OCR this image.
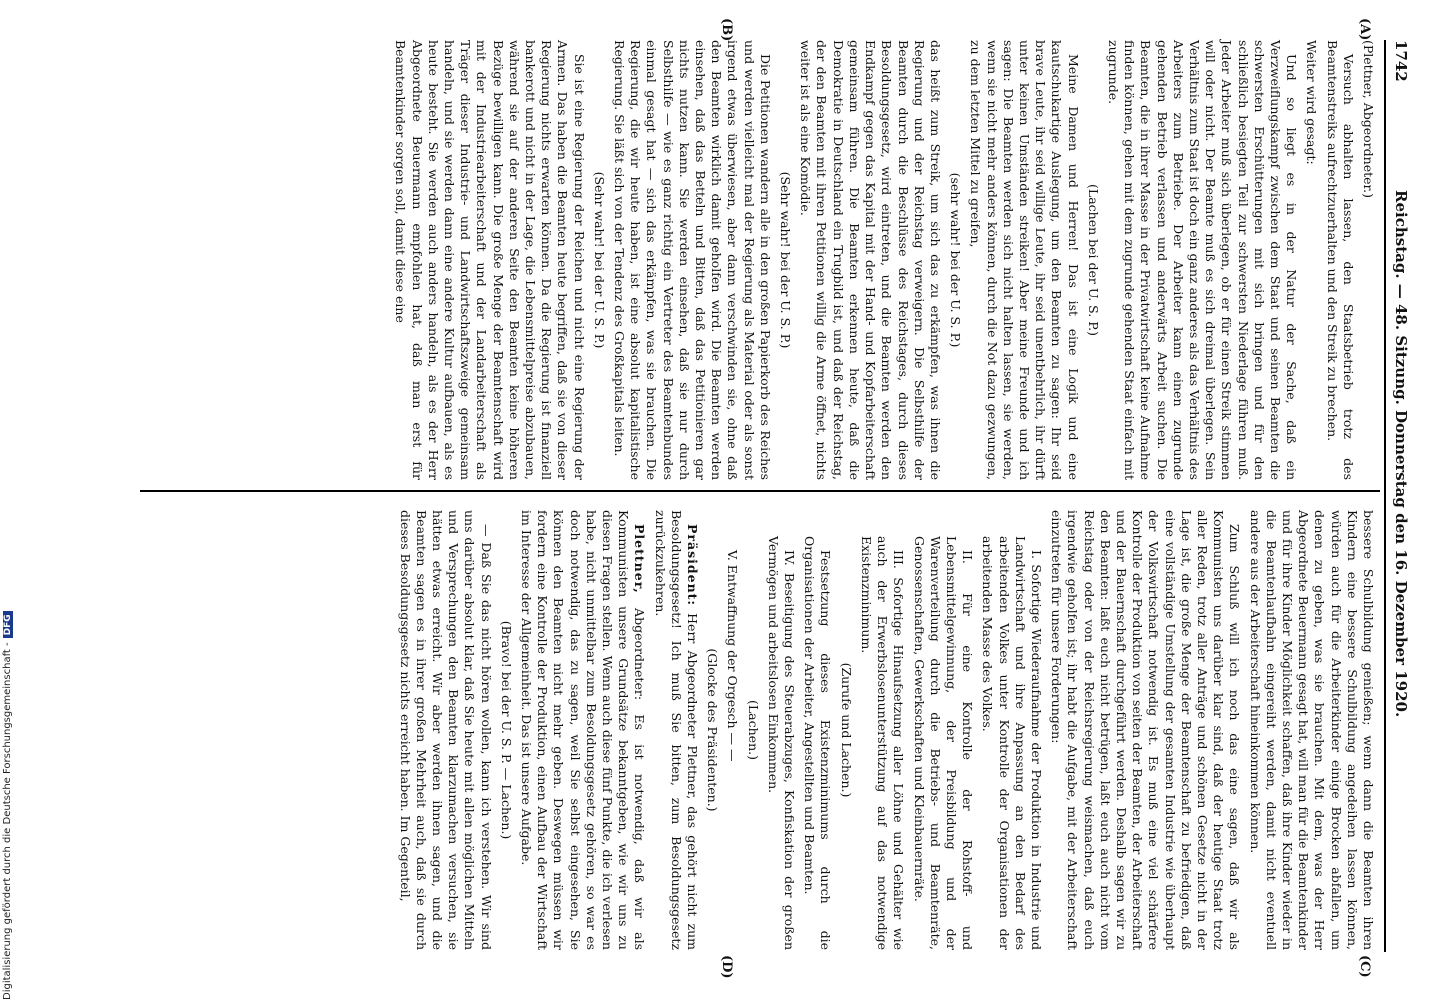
1742
Reichstag. — 48. Sitzung. Donnerstag den 16. Dezember 1920.
(A)
(B)
(C)
(D)

(Plettner, Abgeordneter.)

Versuch abhalten lassen, den Staatsbetrieb trotz des Beamtenstreiks aufrechtzuerhalten und den Streik zu brechen.

Weiter wird gesagt:

Und so liegt es in der Natur der Sache, daß ein Verzweiflungskampf zwischen dem Staat und seinen Beamten die schwersten Erschütterungen mit sich bringen und für den schließlich besiegten Teil zur schwersten Niederlage führen muß. Jeder Arbeiter muß sich überlegen, ob er für einen Streik stimmen will oder nicht. Der Beamte muß es sich dreimal überlegen. Sein Verhältnis zum Staat ist doch ein ganz anderes als das Verhältnis des Arbeiters zum Betriebe. Der Arbeiter kann einen zugrunde gehenden Betrieb verlassen und anderwärts Arbeit suchen. Die Beamten, die in ihrer Masse in der Privatwirtschaft keine Aufnahme finden können, gehen mit dem zugrunde gehenden Staat einfach mit zugrunde.

(Lachen bei der U. S. P.)

Meine Damen und Herren! Das ist eine Logik und eine kautschukartige Auslegung, um den Beamten zu sagen: Ihr seid brave Leute, ihr seid willige Leute, ihr seid unentbehrlich, ihr dürft unter keinen Umständen streiken! Aber meine Freunde und ich sagen: Die Beamten werden sich nicht halten lassen, sie werden, wenn sie nicht mehr anders können, durch die Not dazu gezwungen, zu dem letzten Mittel zu greifen,

(sehr wahr! bei der U. S. P.)

das heißt zum Streik, um sich das zu erkämpfen, was ihnen die Regierung und der Reichstag verweigern. Die Selbsthilfe der Beamten durch die Beschlüsse des Reichstages, durch dieses Besoldungsgesetz, wird eintreten, und die Beamten werden den Endkampf gegen das Kapital mit der Hand- und Kopfarbeiterschaft gemeinsam führen. Die Beamten erkennen heute, daß die Demokratie in Deutschland ein Trugbild ist, und daß der Reichstag, der den Beamten mit ihren Petitionen willig die Arme öffnet, nichts weiter ist als eine Komödie.

(Sehr wahr! bei der U. S. P.)

Die Petitionen wandern alle in den großen Papierkorb des Reiches und werden vielleicht mal der Regierung als Material oder als sonst irgend etwas überwiesen, aber dann verschwinden sie, ohne daß den Beamten wirklich damit geholfen wird. Die Beamten werden einsehen, daß das Betteln und Bitten, daß das Petitionieren gar nichts nutzen kann. Sie werden einsehen, daß sie nur durch Selbsthilfe — wie es ganz richtig ein Vertreter des Beamtenbundes einmal gesagt hat — sich das erkämpfen, was sie brauchen. Die Regierung, die wir heute haben, ist eine absolut kapitalistische Regierung. Sie läßt sich von der Tendenz des Großkapitals leiten.

(Sehr wahr! bei der U. S. P.)

Sie ist eine Regierung der Reichen und nicht eine Regierung der Armen. Das haben die Beamten heute begriffen, daß sie von dieser Regierung nichts erwarten können. Da die Regierung ist finanziell bankerott und nicht in der Lage, die Lebensmittelpreise abzubauen, während sie auf der anderen Seite den Beamten keine höheren Bezüge bewilligen kann. Die große Menge der Beamtenschaft wird mit der Industriearbeiterschaft und der Landarbeiterschaft als Träger dieser Industrie- und Landwirtschaftszweige gemeinsam handeln, und sie werden dann eine andere Kultur aufbauen, als es heute besteht. Sie werden auch anders handeln, als es der Herr Abgeordnete Beuermann empfohlen hat, daß man erst für Beamtenkinder sorgen soll, damit diese eine

bessere Schulbildung genießen; wenn dann die Beamten ihren Kindern eine bessere Schulbildung angedeihen lassen können, würden auch für die Arbeiterkinder einige Brocken abfallen, um denen zu geben, was sie brauchen. Mit dem, was der Herr Abgeordnete Beuermann gesagt hat, will man für die Beamtenkinder und für ihre Kinder Möglichkeit schaffen, daß ihre Kinder wieder in die Beamtenlaufbahn eingereiht werden, damit nicht eventuell andere aus der Arbeiterschaft hineinkommen können.

Zum Schluß will ich noch das eine sagen, daß wir als Kommunisten uns darüber klar sind, daß der heutige Staat trotz aller Reden, trotz aller Anträge und schönen Gesetze nicht in der Lage ist, die große Menge der Beamtenschaft zu befriedigen, daß eine vollständige Umstellung der gesamten Industrie wie überhaupt der Volkswirtschaft notwendig ist. Es muß eine viel schärfere Kontrolle der Produktion von seiten der Beamten, der Arbeiterschaft und der Bauernschaft durchgeführt werden. Deshalb sagen wir zu den Beamten: laßt euch nicht betrügen, laßt euch auch nicht vom Reichstag oder von der Reichsregierung weismachen, daß euch irgendwie geholfen ist; ihr habt die Aufgabe, mit der Arbeiterschaft einzutreten für unsere Forderungen:

I. Sofortige Wiederaufnahme der Produktion in Industrie und Landwirtschaft und ihre Anpassung an den Bedarf des arbeitenden Volkes unter Kontrolle der Organisationen der arbeitenden Masse des Volkes.

II. Für eine Kontrolle der Rohstoff- und Lebensmittelgewinnung, der Preisbildung und der Warenverteilung durch die Betriebs- und Beamtenräte, Genossenschaften, Gewerkschaften und Kleinbauernräte.

III. Sofortige Hinaufsetzung aller Löhne und Gehälter wie auch der Erwerbslosenunterstützung auf das notwendige Existenzminimum.

(Zurufe und Lachen.)

Festsetzung dieses Existenzminimums durch die Organisationen der Arbeiter, Angestellten und Beamten.

IV. Beseitigung des Steuerabzuges, Konfiskation der großen Vermögen und arbeitslosen Einkommen.

(Lachen.)

V. Entwaffnung der Orgesch — —

(Glocke des Präsidenten.)

Präsident: Herr Abgeordneter Plettner, das gehört nicht zum Besoldungsgesetz! Ich muß Sie bitten, zum Besoldungsgesetz zurückzukehren.

Plettner, Abgeordneter: Es ist notwendig, daß wir als Kommunisten unsere Grundsätze bekanntgeben, wie wir uns zu diesen Fragen stellen. Wenn auch diese fünf Punkte, die ich verlesen habe, nicht unmittelbar zum Besoldungsgesetz gehören, so war es doch notwendig, das zu sagen, weil Sie selbst eingesehen, Sie können den Beamten nicht mehr geben. Deswegen müssen wir fordern eine Kontrolle der Produktion, einen Aufbau der Wirtschaft im Interesse der Allgemeinheit. Das ist unsere Aufgabe.

(Bravo! bei der U. S. P. — Lachen.)

— Daß Sie das nicht hören wollen, kann ich verstehen. Wir sind uns darüber absolut klar, daß Sie heute mit allen möglichen Mitteln und Versprechungen den Beamten klarzumachen versuchen, sie hätten etwas erreicht. Wir aber werden ihnen sagen, und die Beamten sagen es in ihrer großen Mehrheit auch, daß sie durch dieses Besoldungsgesetz nichts erreicht haben. Im Gegenteil,

Digitalisierung gefördert durch die Deutsche Forschungsgemeinschaft -DFG
